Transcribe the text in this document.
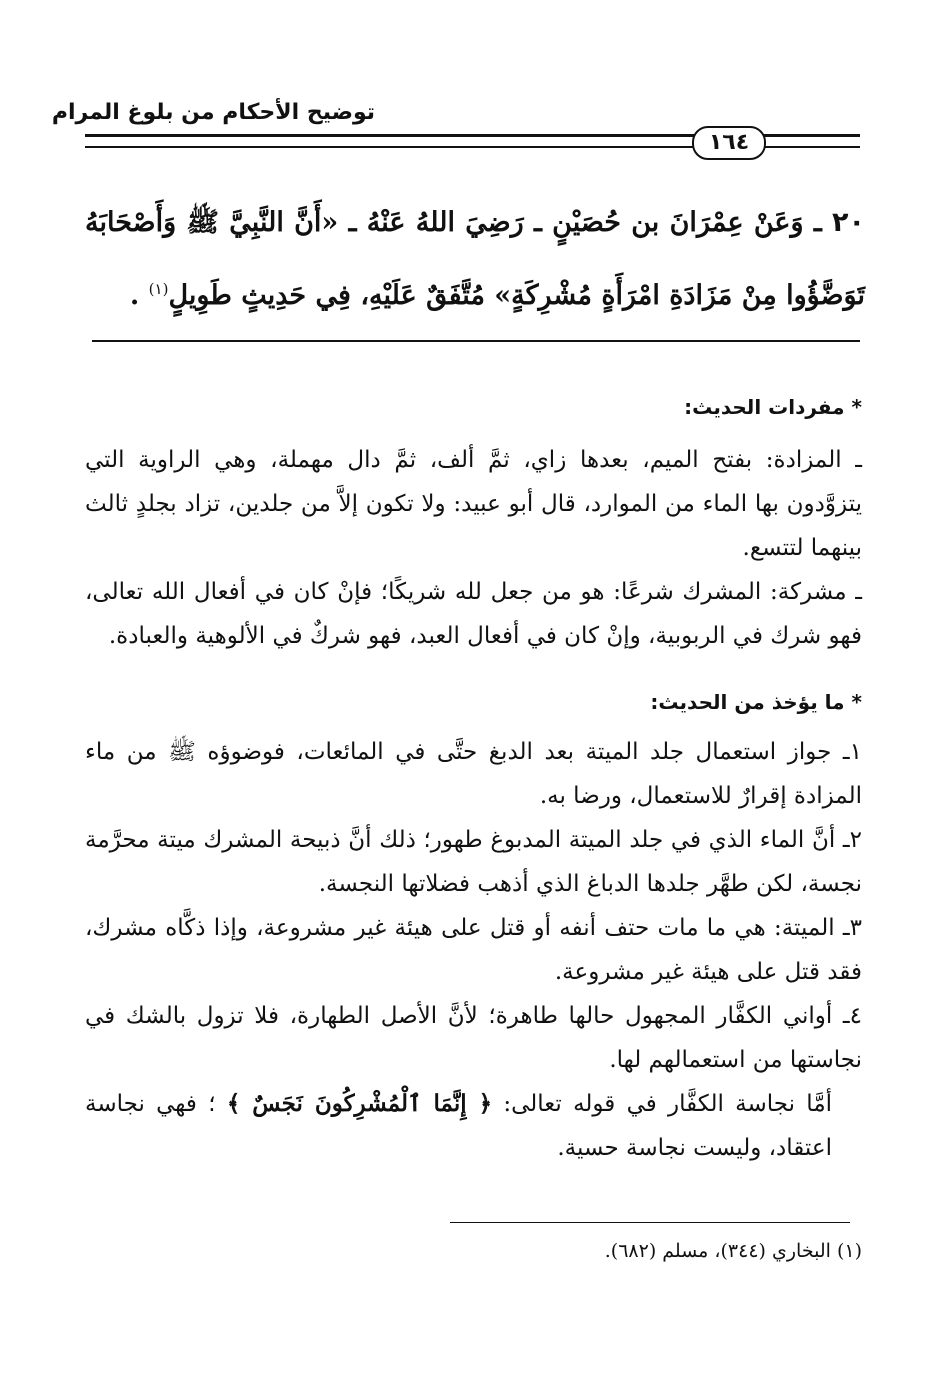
توضيح الأحكام من بلوغ المرام
١٦٤
٢٠ ـ وَعَنْ عِمْرَانَ بن حُصَيْنٍ ـ رَضِيَ اللهُ عَنْهُ ـ «أَنَّ النَّبِيَّ ﷺ وَأَصْحَابَهُ تَوَضَّؤُوا مِنْ مَزَادَةِ امْرَأَةٍ مُشْرِكَةٍ» مُتَّفَقٌ عَلَيْهِ، فِي حَدِيثٍ طَوِيلٍ$^{(١)}$ .
* مفردات الحديث:

ـ المزادة: بفتح الميم، بعدها زاي، ثمَّ ألف، ثمَّ دال مهملة، وهي الراوية التي يتزوَّدون بها الماء من الموارد، قال أبو عبيد: ولا تكون إلاَّ من جلدين، تزاد بجلدٍ ثالث بينهما لتتسع.

ـ مشركة: المشرك شرعًا: هو من جعل لله شريكًا؛ فإنْ كان في أفعال الله تعالى، فهو شرك في الربوبية، وإنْ كان في أفعال العبد، فهو شركٌ في الألوهية والعبادة.

* ما يؤخذ من الحديث:

١ـ جواز استعمال جلد الميتة بعد الدبغ حتَّى في المائعات، فوضوؤه ﷺ من ماء المزادة إقرارٌ للاستعمال، ورضا به.

٢ـ أنَّ الماء الذي في جلد الميتة المدبوغ طهور؛ ذلك أنَّ ذبيحة المشرك ميتة محرَّمة نجسة، لكن طهَّر جلدها الدباغ الذي أذهب فضلاتها النجسة.

٣ـ الميتة: هي ما مات حتف أنفه أو قتل على هيئة غير مشروعة، وإذا ذكَّاه مشرك، فقد قتل على هيئة غير مشروعة.

٤ـ أواني الكفَّار المجهول حالها طاهرة؛ لأنَّ الأصل الطهارة، فلا تزول بالشك في نجاستها من استعمالهم لها.

أمَّا نجاسة الكفَّار في قوله تعالى: ﴿ إِنَّمَا ٱلْمُشْرِكُونَ نَجَسٌ ﴾ ؛ فهي نجاسة اعتقاد، وليست نجاسة حسية.

(١) البخاري (٣٤٤)، مسلم (٦٨٢).
